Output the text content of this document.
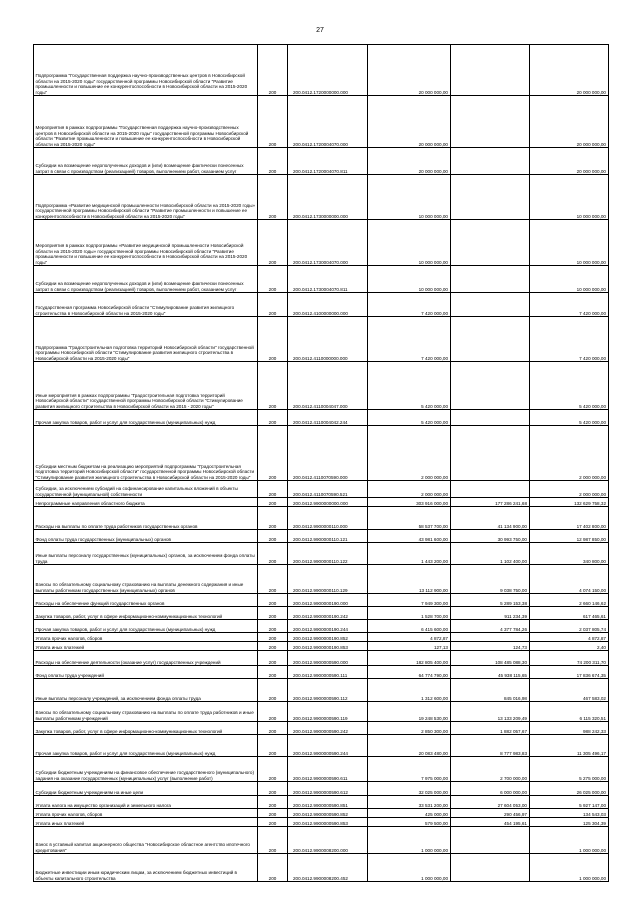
27
Подпрограмма "Государственная поддержка научно-производственных центров в Новосибирской области на 2015-2020 годы" государственной программы Новосибирской области "Развитие промышленности и повышение ее конкурентоспособности в Новосибирской области на 2015-2020 годы"	200	200.0412.1720000000.000	20 000 000,00		20 000 000,00
Мероприятия в рамках подпрограммы "Государственная поддержка научно-производственных центров в Новосибирской области на 2015-2020 годы" государственной программы Новосибирской области "Развитие промышленности и повышение ее конкурентоспособности в Новосибирской области на 2015-2020 годы"	200	200.0412.1720004070.000	20 000 000,00		20 000 000,00
Субсидии на возмещение недополученных доходов и (или) возмещение фактически понесенных затрат в связи с производством (реализацией) товаров, выполнением работ, оказанием услуг	200	200.0412.1720004070.811	20 000 000,00		20 000 000,00
Подпрограмма «Развитие медицинской промышленности Новосибирской области на 2015-2020 годы» государственной программы Новосибирской области "Развитие промышленности и повышение ее конкурентоспособности в Новосибирской области на 2015-2020 годы"	200	200.0412.1730000000.000	10 000 000,00		10 000 000,00
Мероприятия в рамках подпрограммы «Развитие медицинской промышленности Новосибирской области на 2015-2020 годы» государственной программы Новосибирской области "Развитие промышленности и повышение ее конкурентоспособности в Новосибирской области на 2015-2020 годы"	200	200.0412.1730004070.000	10 000 000,00		10 000 000,00
Субсидии на возмещение недополученных доходов и (или) возмещение фактически понесенных затрат в связи с производством (реализацией) товаров, выполнением работ, оказанием услуг	200	200.0412.1730004070.811	10 000 000,00		10 000 000,00
Государственная программа Новосибирской области "Стимулирование развития жилищного строительства в Новосибирской области на 2015-2020 годы"	200	200.0412.4100000000.000	7 420 000,00		7 420 000,00
Подпрограмма "Градостроительная подготовка территорий Новосибирской области" государственной программы Новосибирской области "Стимулирование развития жилищного строительства в Новосибирской области на 2015-2020 годы"	200	200.0412.4110000000.000	7 420 000,00		7 420 000,00
Иные мероприятия в рамках подпрограммы "Градостроительная подготовка территорий Новосибирской области" государственной программы Новосибирской области "Стимулирование развития жилищного строительства в Новосибирской области на 2015 - 2020 годы"	200	200.0412.4110004047.000	5 420 000,00		5 420 000,00
Прочая закупка товаров, работ и услуг для государственных (муниципальных) нужд	200	200.0412.4110004042.244	5 420 000,00		5 420 000,00
Субсидии местным бюджетам на реализацию мероприятий подпрограммы "Градостроительная подготовка территорий Новосибирской области" государственной программы Новосибирской области "Стимулирование развития жилищного строительства в Новосибирской области на 2015-2020 годы"	200	200.0412.4110070590.000	2 000 000,00		2 000 000,00
Субсидии, за исключением субсидий на софинансирование капитальных вложений в объекты государственной (муниципальной) собственности	200	200.0412.4110070590.521	2 000 000,00		2 000 000,00
Непрограммные направления областного бюджета	200	200.0412.9900000000.000	303 916 000,00	177 286 241,68	132 629 758,32
Расходы на выплаты по оплате труда работников государственных органов	200	200.0412.9900000110.000	58 537 700,00	41 134 900,00	17 402 800,00
Фонд оплаты труда государственных (муниципальных) органов	200	200.0412.9900000110.121	43 981 600,00	30 993 750,00	12 987 850,00
Иные выплаты персоналу государственных (муниципальных) органов, за исключением фонда оплаты труда	200	200.0412.9900000110.122	1 443 200,00	1 102 400,00	340 800,00
Взносы по обязательному социальному страхованию на выплаты денежного содержания и иные выплаты работникам государственных (муниципальных) органов	200	200.0412.9900000110.129	13 112 900,00	9 038 750,00	4 074 150,00
Расходы на обеспечение функций государственных органов	200	200.0412.9900000190.000	7 949 300,00	5 289 153,38	2 660 146,62
Закупка товаров, работ, услуг в сфере информационно-коммуникационных технологий	200	200.0412.9900000190.242	1 528 700,00	911 234,39	617 465,61
Прочая закупка товаров, работ и услуг для государственных (муниципальных) нужд	200	200.0412.9900000190.244	6 415 600,00	4 377 784,26	2 037 805,74
Уплата прочих налогов, сборов	200	200.0412.9900000190.852	4 872,87		4 872,87
Уплата иных платежей	200	200.0412.9900000190.853	127,13	124,73	2,40
Расходы на обеспечение деятельности (оказание услуг) государственных учреждений	200	200.0412.9900000590.000	182 805 400,00	108 485 088,30	74 200 311,70
Фонд оплаты труда учреждений	200	200.0412.9900000590.111	64 774 790,00	45 938 115,65	17 836 674,35
Иные выплаты персоналу учреждений, за исключением фонда оплаты труда	200	200.0412.9900000590.112	1 312 600,00	845 016,98	467 583,02
Взносы по обязательному социальному страхованию на выплаты по оплате труда работников и иные выплаты работникам учреждений	200	200.0412.9900000590.119	19 248 530,00	13 133 209,49	6 115 320,51
Закупка товаров, работ, услуг в сфере информационно-коммуникационных технологий	200	200.0412.9900000590.242	2 850 300,00	1 882 057,67	988 242,33
Прочая закупка товаров, работ и услуг для государственных (муниципальных) нужд	200	200.0412.9900000590.244	20 083 480,00	8 777 983,83	11 305 496,17
Субсидии бюджетным учреждениям на финансовое обеспечение государственного (муниципального) задания на оказание государственных (муниципальных) услуг (выполнение работ)	200	200.0412.9900000590.611	7 975 000,00	2 700 000,00	5 275 000,00
Субсидии бюджетным учреждениям на иные цели	200	200.0412.9900000590.612	32 025 000,00	6 000 000,00	26 025 000,00
Уплата налога на имущество организаций и земельного налога	200	200.0412.9900000590.851	33 531 200,00	27 604 053,00	5 927 147,00
Уплата прочих налогов, сборов	200	200.0412.9900000590.852	425 000,00	290 456,97	134 543,03
Уплата иных платежей	200	200.0412.9900000590.853	579 500,00	454 195,61	125 304,39
Взнос в уставный капитал акционерного общества "Новосибирское областное агентство ипотечного кредитования"	200	200.0412.9900008200.000	1 000 000,00		1 000 000,00
Бюджетные инвестиции иным юридическим лицам, за исключением бюджетных инвестиций в объекты капитального строительства	200	200.0412.9900008200.452	1 000 000,00		1 000 000,00
